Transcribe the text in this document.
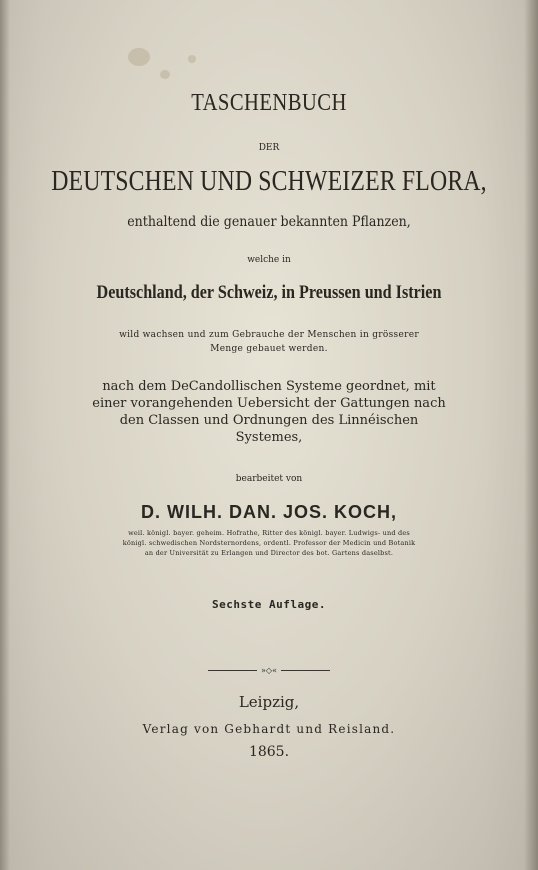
TASCHENBUCH
DER
DEUTSCHEN UND SCHWEIZER FLORA,
enthaltend die genauer bekannten Pflanzen,
welche in
Deutschland, der Schweiz, in Preussen und Istrien
wild wachsen und zum Gebrauche der Menschen in grösserer
Menge gebauet werden.
nach dem DeCandollischen Systeme geordnet, mit
einer vorangehenden Uebersicht der Gattungen nach
den Classen und Ordnungen des Linnéischen
Systemes,
bearbeitet von
D. WILH. DAN. JOS. KOCH,
weil. königl. bayer. geheim. Hofrathe, Ritter des königl. bayer. Ludwigs- und des
königl. schwedischen Nordsternordens, ordentl. Professor der Medicin und Botanik
an der Universität zu Erlangen und Director des bot. Gartens daselbst.
Sechste Auflage.
»◇«
Leipzig,
Verlag von Gebhardt und Reisland.
1865.
